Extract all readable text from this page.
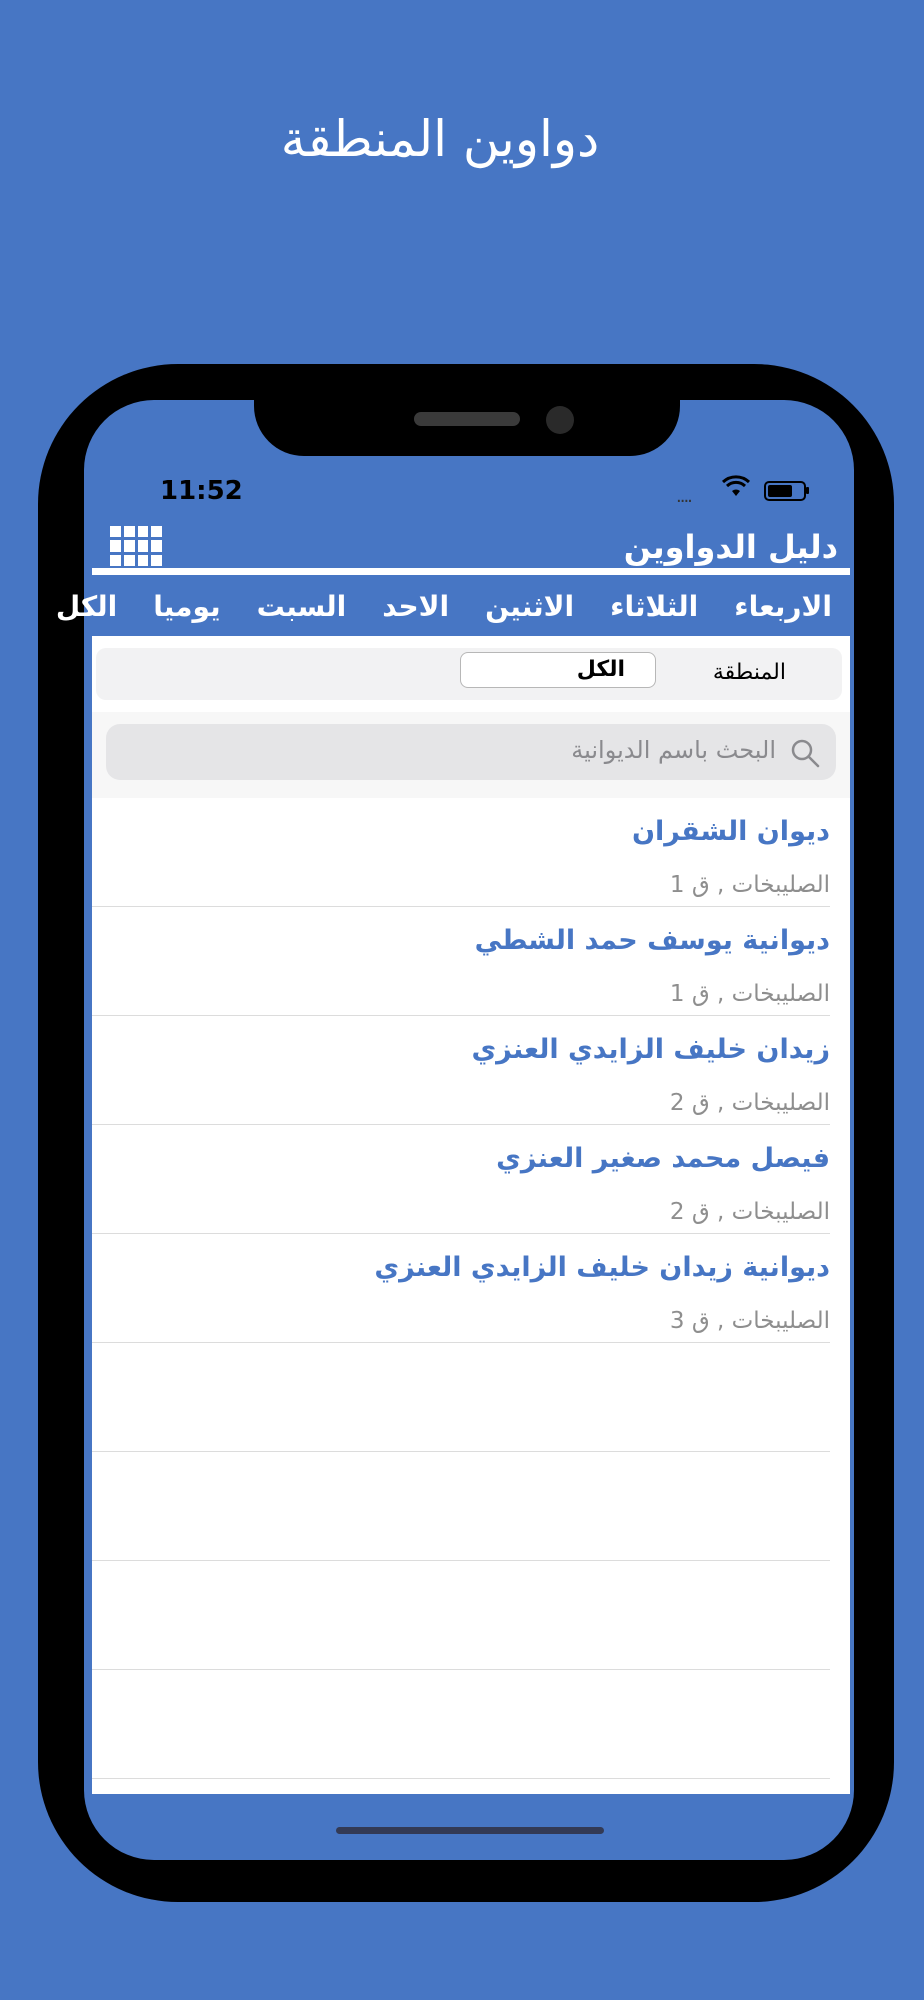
دواوين المنطقة
11:52	....
دليل الدواوين
الكل يوميا السبت الاحد الاثنين الثلاثاء الاربعاء
المنطقة
الكل
البحث باسم الديوانية
ديوان الشقران
الصليبخات , ق 1
ديوانية يوسف حمد الشطي
الصليبخات , ق 1
زيدان خليف الزايدي العنزي
الصليبخات , ق 2
فيصل محمد صغير العنزي
الصليبخات , ق 2
ديوانية زيدان خليف الزايدي العنزي
الصليبخات , ق 3
